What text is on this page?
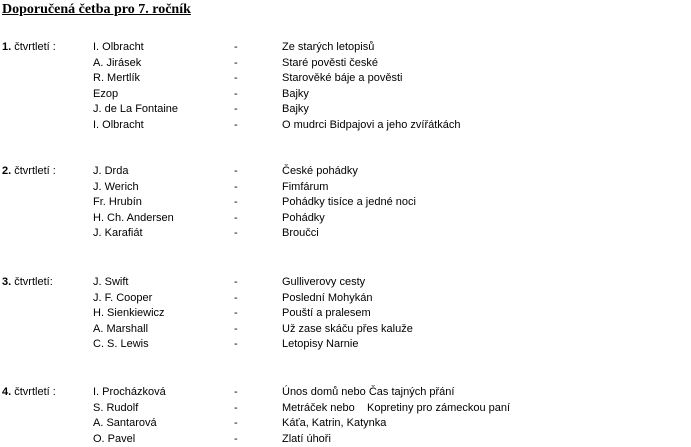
Doporučená četba pro 7. ročník
1. čtvrtletí :	I. Olbracht	-	Ze starých letopisů
A. Jirásek	-	Staré pověsti české
R. Mertlík	-	Starověké báje a pověsti
Ezop	-	Bajky
J. de La Fontaine	-	Bajky
I. Olbracht	-	O mudrci Bidpajovi a jeho zvířátkách
2. čtvrtletí :	J. Drda	-	České pohádky
J. Werich	-	Fimfárum
Fr. Hrubín	-	Pohádky tisíce a jedné noci
H. Ch. Andersen	-	Pohádky
J. Karafiát	-	Broučci
3. čtvrtletí:	J. Swift	-	Gulliverovy cesty
J. F. Cooper	-	Poslední Mohykán
H. Sienkiewicz	-	Pouští a pralesem
A. Marshall	-	Už zase skáču přes kaluže
C. S. Lewis	-	Letopisy Narnie
4. čtvrtletí :	I. Procházková	-	Únos domů nebo Čas tajných přání
S. Rudolf	-	Metráček nebo    Kopretiny pro zámeckou paní
A. Santarová	-	Káťa, Katrin, Katynka
O. Pavel	-	Zlatí úhoři
